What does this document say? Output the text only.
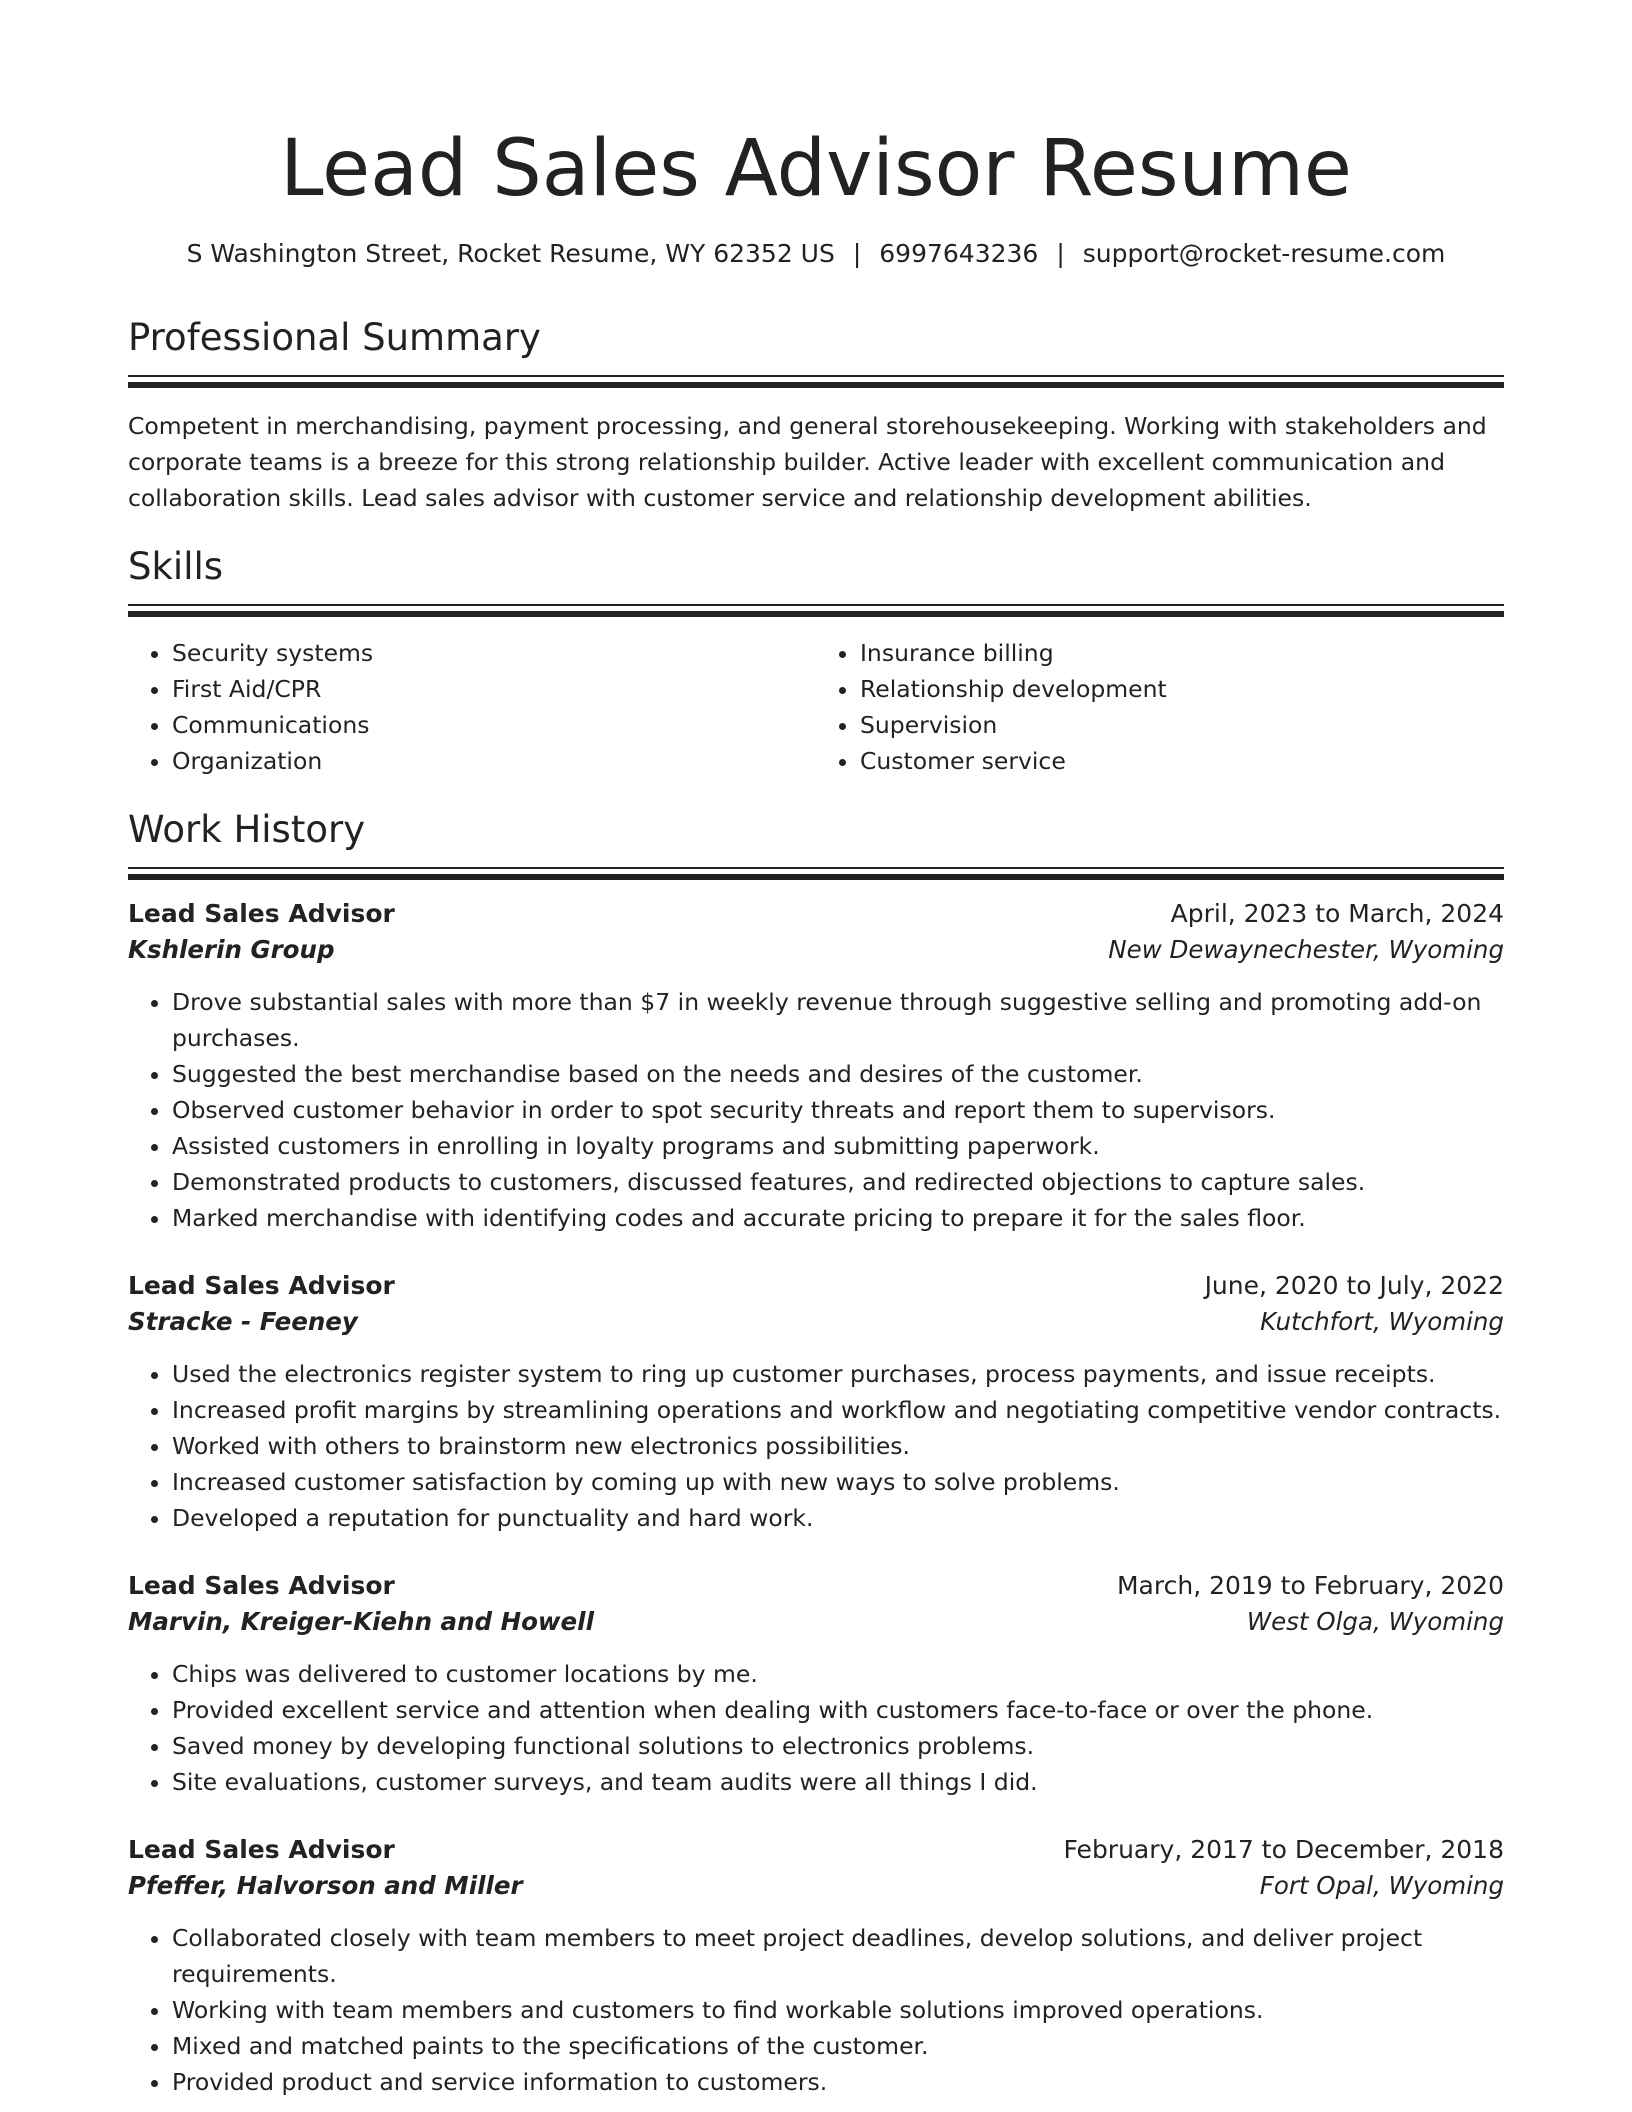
Lead Sales Advisor Resume
S Washington Street, Rocket Resume, WY 62352 US | 6997643236 | support@rocket-resume.com
Professional Summary
Competent in merchandising, payment processing, and general storehousekeeping. Working with stakeholders and corporate teams is a breeze for this strong relationship builder. Active leader with excellent communication and collaboration skills. Lead sales advisor with customer service and relationship development abilities.
Skills
• Security systems
• First Aid/CPR
• Communications
• Organization
• Insurance billing
• Relationship development
• Supervision
• Customer service
Work History
Lead Sales Advisor	April, 2023 to March, 2024
Kshlerin Group	New Dewaynechester, Wyoming
• Drove substantial sales with more than $7 in weekly revenue through suggestive selling and promoting add-on purchases.
• Suggested the best merchandise based on the needs and desires of the customer.
• Observed customer behavior in order to spot security threats and report them to supervisors.
• Assisted customers in enrolling in loyalty programs and submitting paperwork.
• Demonstrated products to customers, discussed features, and redirected objections to capture sales.
• Marked merchandise with identifying codes and accurate pricing to prepare it for the sales floor.
Lead Sales Advisor	June, 2020 to July, 2022
Stracke - Feeney	Kutchfort, Wyoming
• Used the electronics register system to ring up customer purchases, process payments, and issue receipts.
• Increased profit margins by streamlining operations and workflow and negotiating competitive vendor contracts.
• Worked with others to brainstorm new electronics possibilities.
• Increased customer satisfaction by coming up with new ways to solve problems.
• Developed a reputation for punctuality and hard work.
Lead Sales Advisor	March, 2019 to February, 2020
Marvin, Kreiger-Kiehn and Howell	West Olga, Wyoming
• Chips was delivered to customer locations by me.
• Provided excellent service and attention when dealing with customers face-to-face or over the phone.
• Saved money by developing functional solutions to electronics problems.
• Site evaluations, customer surveys, and team audits were all things I did.
Lead Sales Advisor	February, 2017 to December, 2018
Pfeffer, Halvorson and Miller	Fort Opal, Wyoming
• Collaborated closely with team members to meet project deadlines, develop solutions, and deliver project requirements.
• Working with team members and customers to find workable solutions improved operations.
• Mixed and matched paints to the specifications of the customer.
• Provided product and service information to customers.
